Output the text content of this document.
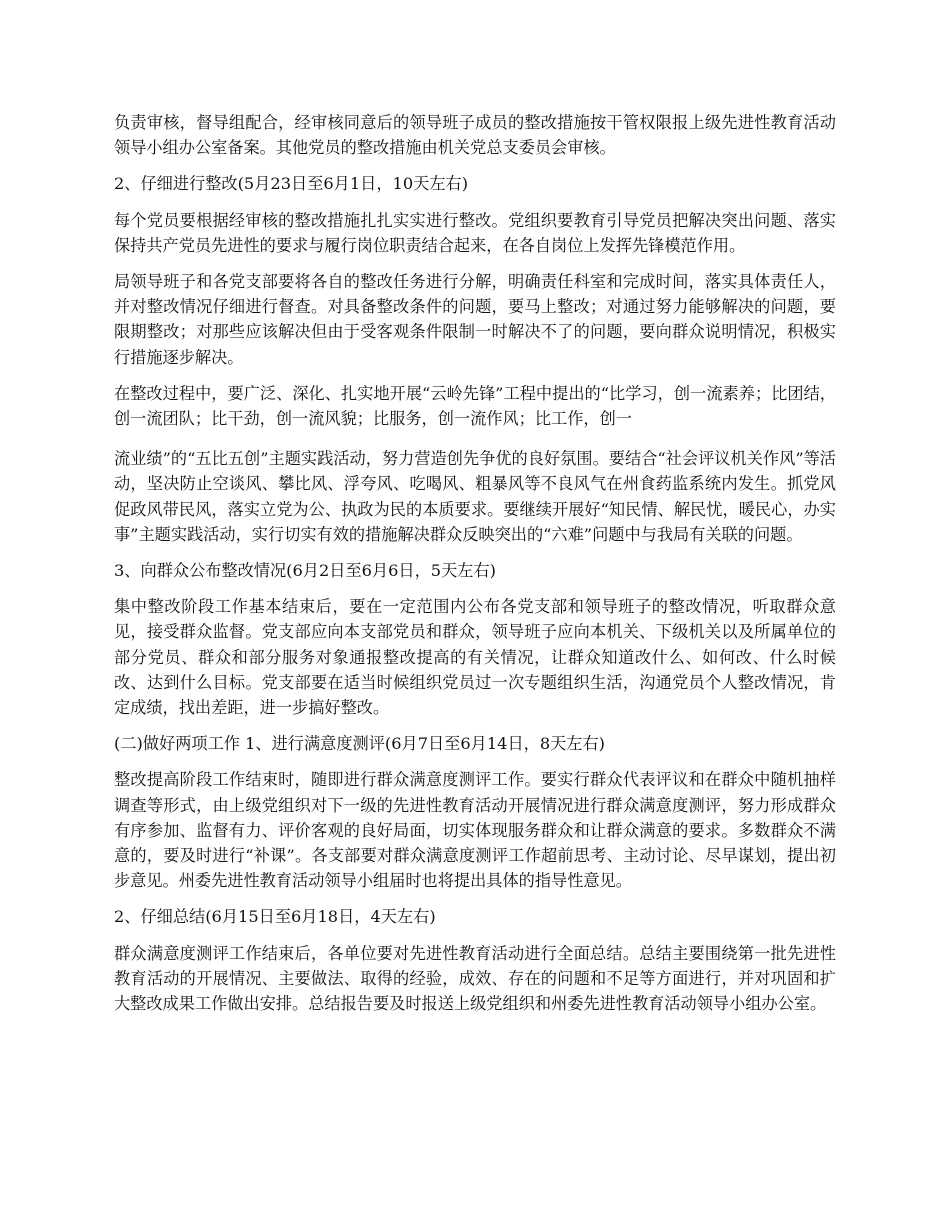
负责审核，督导组配合，经审核同意后的领导班子成员的整改措施按干管权限报上级先进性教育活动领导小组办公室备案。其他党员的整改措施由机关党总支委员会审核。

2、仔细进行整改(5月23日至6月1日，10天左右)

每个党员要根据经审核的整改措施扎扎实实进行整改。党组织要教育引导党员把解决突出问题、落实保持共产党员先进性的要求与履行岗位职责结合起来，在各自岗位上发挥先锋模范作用。

局领导班子和各党支部要将各自的整改任务进行分解，明确责任科室和完成时间，落实具体责任人，并对整改情况仔细进行督查。对具备整改条件的问题，要马上整改；对通过努力能够解决的问题，要限期整改；对那些应该解决但由于受客观条件限制一时解决不了的问题，要向群众说明情况，积极实行措施逐步解决。

在整改过程中，要广泛、深化、扎实地开展“云岭先锋”工程中提出的“比学习，创一流素养；比团结，创一流团队；比干劲，创一流风貌；比服务，创一流作风；比工作，创一

流业绩”的“五比五创”主题实践活动，努力营造创先争优的良好氛围。要结合“社会评议机关作风”等活动，坚决防止空谈风、攀比风、浮夸风、吃喝风、粗暴风等不良风气在州食药监系统内发生。抓党风促政风带民风，落实立党为公、执政为民的本质要求。要继续开展好“知民情、解民忧，暖民心，办实事”主题实践活动，实行切实有效的措施解决群众反映突出的“六难”问题中与我局有关联的问题。

3、向群众公布整改情况(6月2日至6月6日，5天左右)

集中整改阶段工作基本结束后，要在一定范围内公布各党支部和领导班子的整改情况，听取群众意见，接受群众监督。党支部应向本支部党员和群众，领导班子应向本机关、下级机关以及所属单位的部分党员、群众和部分服务对象通报整改提高的有关情况，让群众知道改什么、如何改、什么时候改、达到什么目标。党支部要在适当时候组织党员过一次专题组织生活，沟通党员个人整改情况，肯定成绩，找出差距，进一步搞好整改。

(二)做好两项工作 1、进行满意度测评(6月7日至6月14日，8天左右)

整改提高阶段工作结束时，随即进行群众满意度测评工作。要实行群众代表评议和在群众中随机抽样调查等形式，由上级党组织对下一级的先进性教育活动开展情况进行群众满意度测评，努力形成群众有序参加、监督有力、评价客观的良好局面，切实体现服务群众和让群众满意的要求。多数群众不满意的，要及时进行“补课”。各支部要对群众满意度测评工作超前思考、主动讨论、尽早谋划，提出初步意见。州委先进性教育活动领导小组届时也将提出具体的指导性意见。

2、仔细总结(6月15日至6月18日，4天左右)

群众满意度测评工作结束后，各单位要对先进性教育活动进行全面总结。总结主要围绕第一批先进性教育活动的开展情况、主要做法、取得的经验，成效、存在的问题和不足等方面进行，并对巩固和扩大整改成果工作做出安排。总结报告要及时报送上级党组织和州委先进性教育活动领导小组办公室。
